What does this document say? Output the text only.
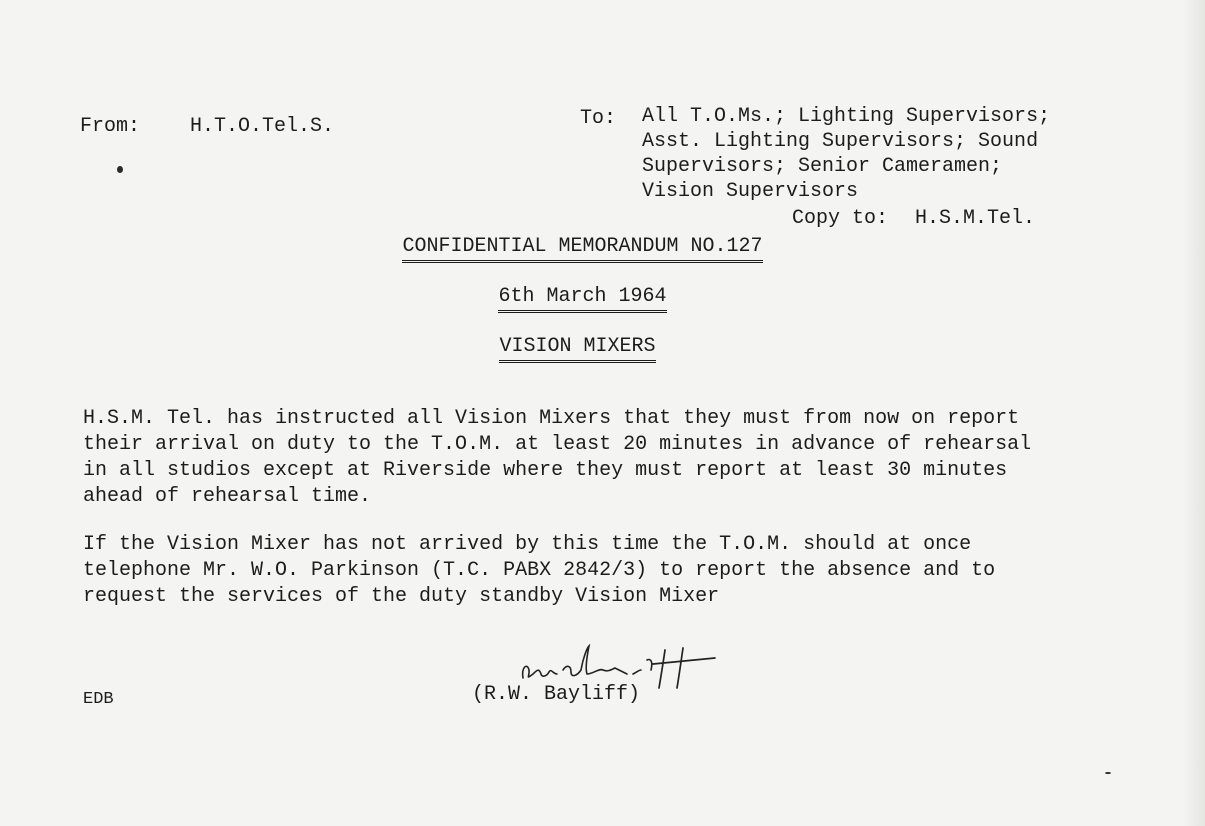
From: H.T.O.Tel.S.	To: All T.O.Ms.; Lighting Supervisors;
Asst. Lighting Supervisors; Sound
Supervisors; Senior Cameramen;
Vision Supervisors
Copy to: H.S.M.Tel.
CONFIDENTIAL MEMORANDUM NO.127
6th March 1964
VISION MIXERS
H.S.M. Tel. has instructed all Vision Mixers that they must from now on report
their arrival on duty to the T.O.M. at least 20 minutes in advance of rehearsal
in all studios except at Riverside where they must report at least 30 minutes
ahead of rehearsal time.
If the Vision Mixer has not arrived by this time the T.O.M. should at once
telephone Mr. W.O. Parkinson (T.C. PABX 2842/3) to report the absence and to
request the services of the duty standby Vision Mixer
(R.W. Bayliff)
EDB
